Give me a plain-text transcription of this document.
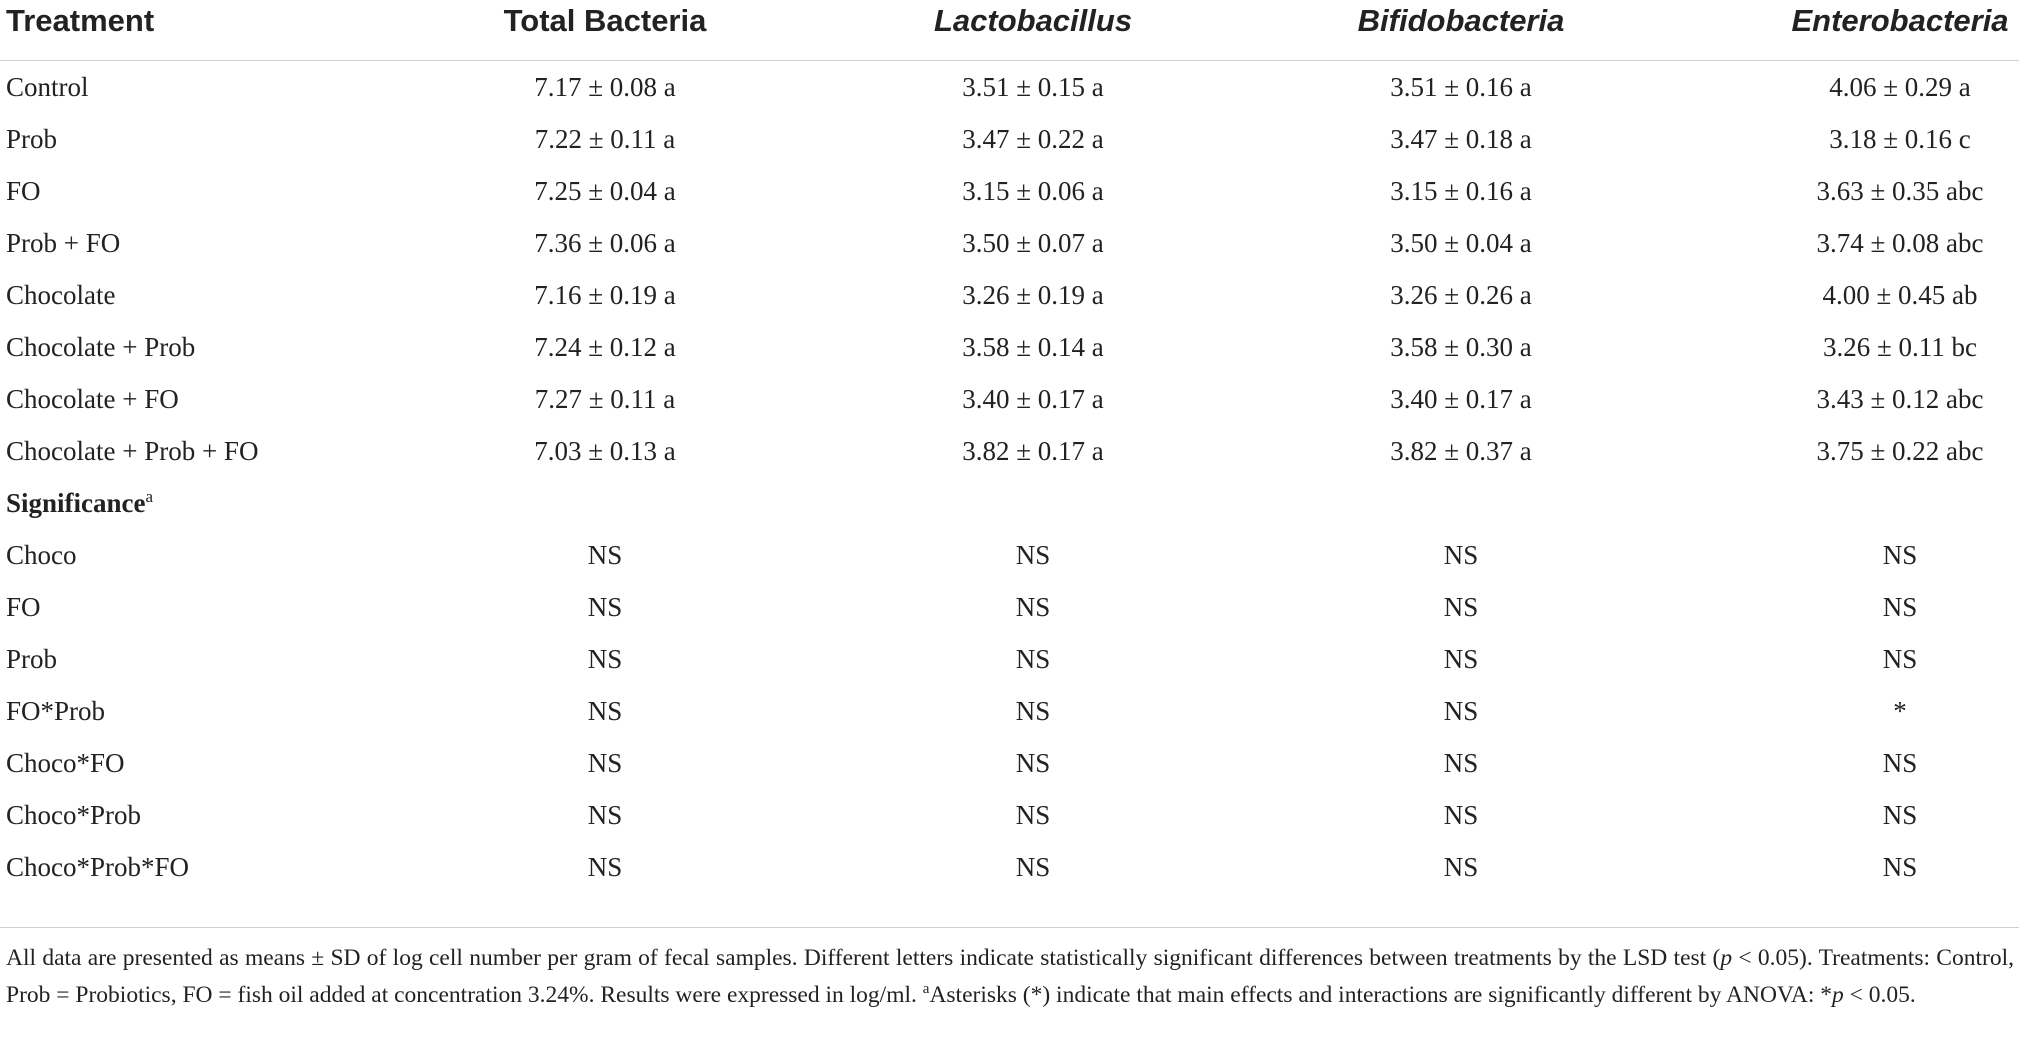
Treatment	Total Bacteria	Lactobacillus	Bifidobacteria	Enterobacteria
Control	7.17 ± 0.08 a	3.51 ± 0.15 a	3.51 ± 0.16 a	4.06 ± 0.29 a
Prob	7.22 ± 0.11 a	3.47 ± 0.22 a	3.47 ± 0.18 a	3.18 ± 0.16 c
FO	7.25 ± 0.04 a	3.15 ± 0.06 a	3.15 ± 0.16 a	3.63 ± 0.35 abc
Prob + FO	7.36 ± 0.06 a	3.50 ± 0.07 a	3.50 ± 0.04 a	3.74 ± 0.08 abc
Chocolate	7.16 ± 0.19 a	3.26 ± 0.19 a	3.26 ± 0.26 a	4.00 ± 0.45 ab
Chocolate + Prob	7.24 ± 0.12 a	3.58 ± 0.14 a	3.58 ± 0.30 a	3.26 ± 0.11 bc
Chocolate + FO	7.27 ± 0.11 a	3.40 ± 0.17 a	3.40 ± 0.17 a	3.43 ± 0.12 abc
Chocolate + Prob + FO	7.03 ± 0.13 a	3.82 ± 0.17 a	3.82 ± 0.37 a	3.75 ± 0.22 abc
Significance$^a$
Choco	NS	NS	NS	NS
FO	NS	NS	NS	NS
Prob	NS	NS	NS	NS
FO*Prob	NS	NS	NS	*
Choco*FO	NS	NS	NS	NS
Choco*Prob	NS	NS	NS	NS
Choco*Prob*FO	NS	NS	NS	NS
All data are presented as means ± SD of log cell number per gram of fecal samples. Different letters indicate statistically significant differences between treatments by the LSD test (p < 0.05). Treatments: Control, Prob = Probiotics, FO = fish oil added at concentration 3.24%. Results were expressed in log/ml. $^a$Asterisks (*) indicate that main effects and interactions are significantly different by ANOVA: *p < 0.05.
